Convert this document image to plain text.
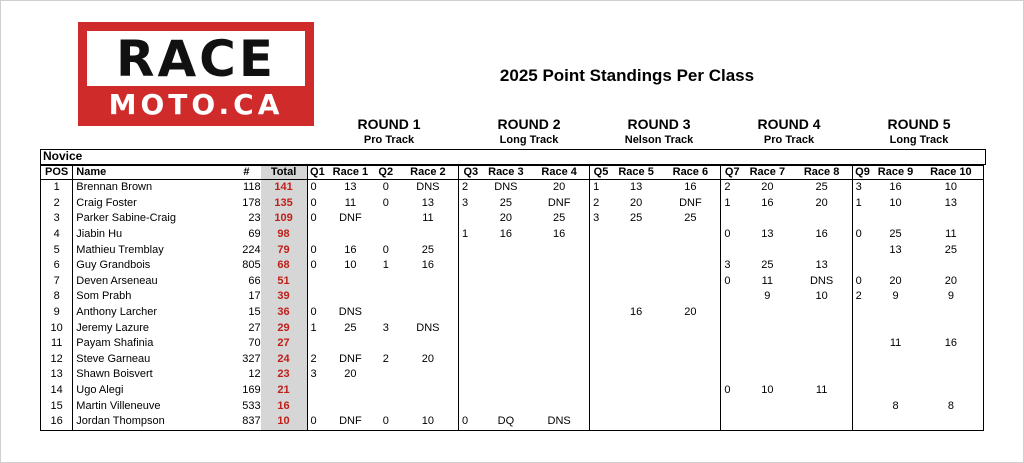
RACE
MOTO.CA
2025 Point Standings Per Class
ROUND 1
Pro Track
ROUND 2
Long Track
ROUND 3
Nelson Track
ROUND 4
Pro Track
ROUND 5
Long Track
Novice
POS	Name	#	Total	Q1	Race 1	Q2	Race 2	Q3	Race 3	Race 4	Q5	Race 5	Race 6	Q7	Race 7	Race 8	Q9	Race 9	Race 10
1	Brennan Brown	118	141	0	13	0	DNS	2	DNS	20	1	13	16	2	20	25	3	16	10
2	Craig Foster	178	135	0	11	0	13	3	25	DNF	2	20	DNF	1	16	20	1	10	13
3	Parker Sabine-Craig	23	109	0	DNF		11		20	25	3	25	25						
4	Jiabin Hu	69	98					1	16	16				0	13	16	0	25	11
5	Mathieu Tremblay	224	79	0	16	0	25											13	25
6	Guy Grandbois	805	68	0	10	1	16							3	25	13			
7	Deven Arseneau	66	51											0	11	DNS	0	20	20
8	Som Prabh	17	39												9	10	2	9	9
9	Anthony Larcher	15	36	0	DNS							16	20						
10	Jeremy Lazure	27	29	1	25	3	DNS												
11	Payam Shafinia	70	27															11	16
12	Steve Garneau	327	24	2	DNF	2	20												
13	Shawn Boisvert	12	23	3	20														
14	Ugo Alegi	169	21											0	10	11			
15	Martin Villeneuve	533	16															8	8
16	Jordan Thompson	837	10	0	DNF	0	10	0	DQ	DNS									
